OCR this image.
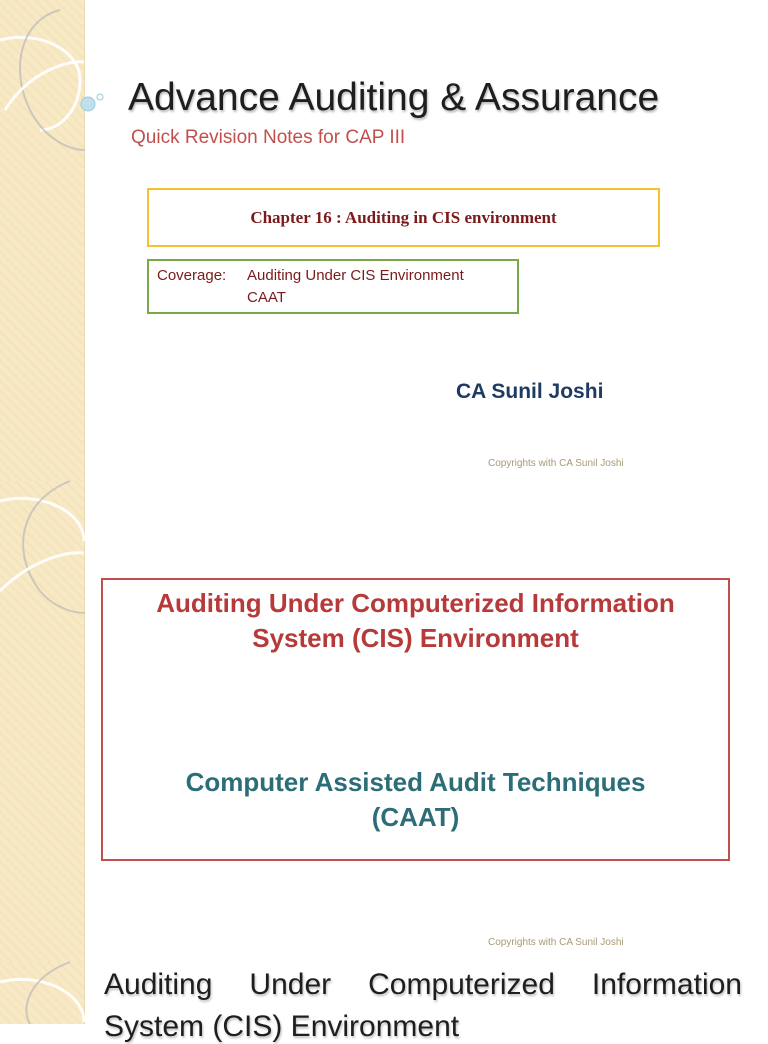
Advance Auditing & Assurance
Quick Revision Notes for CAP III
Chapter 16 : Auditing in CIS environment
Coverage: Auditing Under CIS Environment
CAAT
CA Sunil Joshi
Copyrights with CA Sunil Joshi
Auditing Under Computerized Information
System (CIS) Environment
Computer Assisted Audit Techniques
(CAAT)
Copyrights with CA Sunil Joshi
Auditing Under Computerized Information
System (CIS) Environment
